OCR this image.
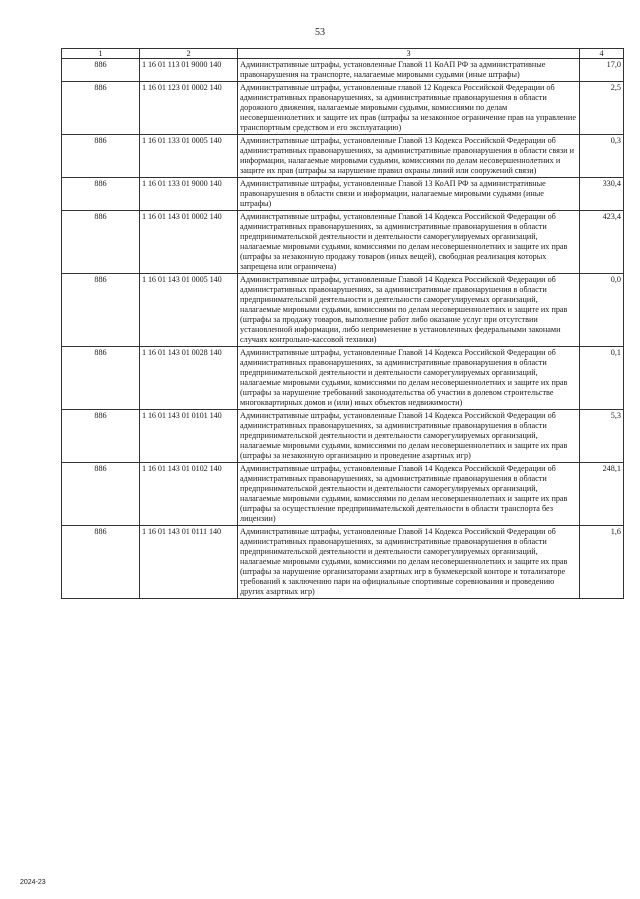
53
1	2	3	4
886	1 16 01 113 01 9000 140	Административные штрафы, установленные Главой 11 КоАП РФ за административные правонарушения на транспорте, налагаемые мировыми судьями (иные штрафы)	17,0
886	1 16 01 123 01 0002 140	Административные штрафы, установленные главой 12 Кодекса Российской Федерации об административных правонарушениях, за административные правонарушения в области дорожного движения, налагаемые мировыми судьями, комиссиями по делам несовершеннолетних и защите их прав (штрафы за незаконное ограничение прав на управление транспортным средством и его эксплуатацию)	2,5
886	1 16 01 133 01 0005 140	Административные штрафы, установленные Главой 13 Кодекса Российской Федерации об административных правонарушениях, за административные правонарушения в области связи и информации, налагаемые мировыми судьями, комиссиями по делам несовершеннолетних и защите их прав (штрафы за нарушение правил охраны линий или сооружений связи)	0,3
886	1 16 01 133 01 9000 140	Административные штрафы, установленные Главой 13 КоАП РФ за административные правонарушения в области связи и информации, налагаемые мировыми судьями (иные штрафы)	330,4
886	1 16 01 143 01 0002 140	Административные штрафы, установленные Главой 14 Кодекса Российской Федерации об административных правонарушениях, за административные правонарушения в области предпринимательской деятельности и деятельности саморегулируемых организаций, налагаемые мировыми судьями, комиссиями по делам несовершеннолетних и защите их прав (штрафы за незаконную продажу товаров (иных вещей), свободная реализация которых запрещена или ограничена)	423,4
886	1 16 01 143 01 0005 140	Административные штрафы, установленные Главой 14 Кодекса Российской Федерации об административных правонарушениях, за административные правонарушения в области предпринимательской деятельности и деятельности саморегулируемых организаций, налагаемые мировыми судьями, комиссиями по делам несовершеннолетних и защите их прав (штрафы за продажу товаров, выполнение работ либо оказание услуг при отсутствии установленной информации, либо неприменение в установленных федеральными законами случаях контрольно-кассовой техники)	0,0
886	1 16 01 143 01 0028 140	Административные штрафы, установленные Главой 14 Кодекса Российской Федерации об административных правонарушениях, за административные правонарушения в области предпринимательской деятельности и деятельности саморегулируемых организаций, налагаемые мировыми судьями, комиссиями по делам несовершеннолетних и защите их прав (штрафы за нарушение требований законодательства об участии в долевом строительстве многоквартирных домов и (или) иных объектов недвижимости)	0,1
886	1 16 01 143 01 0101 140	Административные штрафы, установленные Главой 14 Кодекса Российской Федерации об административных правонарушениях, за административные правонарушения в области предпринимательской деятельности и деятельности саморегулируемых организаций, налагаемые мировыми судьями, комиссиями по делам несовершеннолетних и защите их прав (штрафы за незаконную организацию и проведение азартных игр)	5,3
886	1 16 01 143 01 0102 140	Административные штрафы, установленные Главой 14 Кодекса Российской Федерации об административных правонарушениях, за административные правонарушения в области предпринимательской деятельности и деятельности саморегулируемых организаций, налагаемые мировыми судьями, комиссиями по делам несовершеннолетних и защите их прав (штрафы за осуществление предпринимательской деятельности в области транспорта без лицензии)	248,1
886	1 16 01 143 01 0111 140	Административные штрафы, установленные Главой 14 Кодекса Российской Федерации об административных правонарушениях, за административные правонарушения в области предпринимательской деятельности и деятельности саморегулируемых организаций, налагаемые мировыми судьями, комиссиями по делам несовершеннолетних и защите их прав (штрафы за нарушение организаторами азартных игр в букмекерской конторе и тотализаторе требований к заключению пари на официальные спортивные соревнования и проведению других азартных игр)	1,6
2024-23
